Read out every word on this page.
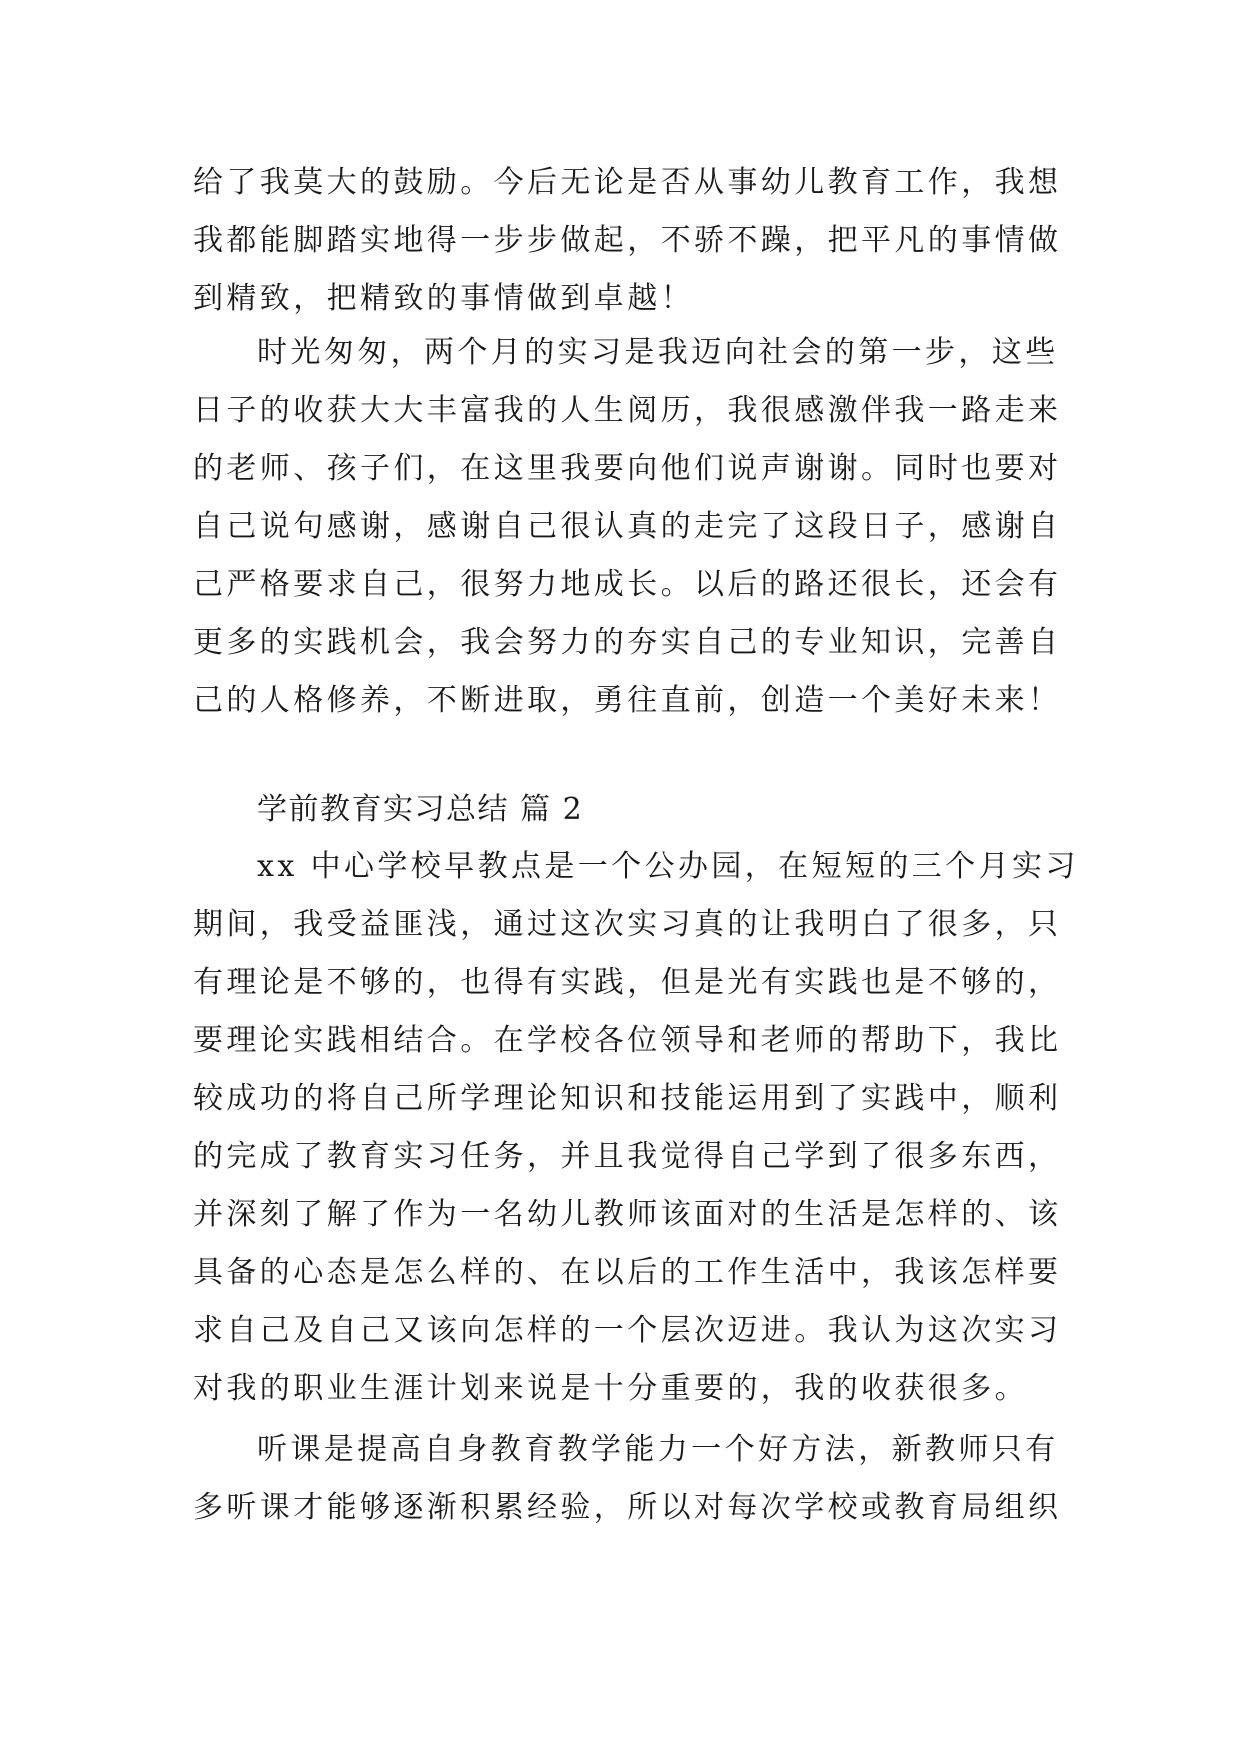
给了我莫大的鼓励。今后无论是否从事幼儿教育工作，我想
我都能脚踏实地得一步步做起，不骄不躁，把平凡的事情做
到精致，把精致的事情做到卓越！
时光匆匆，两个月的实习是我迈向社会的第一步，这些
日子的收获大大丰富我的人生阅历，我很感激伴我一路走来
的老师、孩子们，在这里我要向他们说声谢谢。同时也要对
自己说句感谢，感谢自己很认真的走完了这段日子，感谢自
己严格要求自己，很努力地成长。以后的路还很长，还会有
更多的实践机会，我会努力的夯实自己的专业知识，完善自
己的人格修养，不断进取，勇往直前，创造一个美好未来！
学前教育实习总结 篇 2
xx 中心学校早教点是一个公办园，在短短的三个月实习
期间，我受益匪浅，通过这次实习真的让我明白了很多，只
有理论是不够的，也得有实践，但是光有实践也是不够的，
要理论实践相结合。在学校各位领导和老师的帮助下，我比
较成功的将自己所学理论知识和技能运用到了实践中，顺利
的完成了教育实习任务，并且我觉得自己学到了很多东西，
并深刻了解了作为一名幼儿教师该面对的生活是怎样的、该
具备的心态是怎么样的、在以后的工作生活中，我该怎样要
求自己及自己又该向怎样的一个层次迈进。我认为这次实习
对我的职业生涯计划来说是十分重要的，我的收获很多。
听课是提高自身教育教学能力一个好方法，新教师只有
多听课才能够逐渐积累经验，所以对每次学校或教育局组织
